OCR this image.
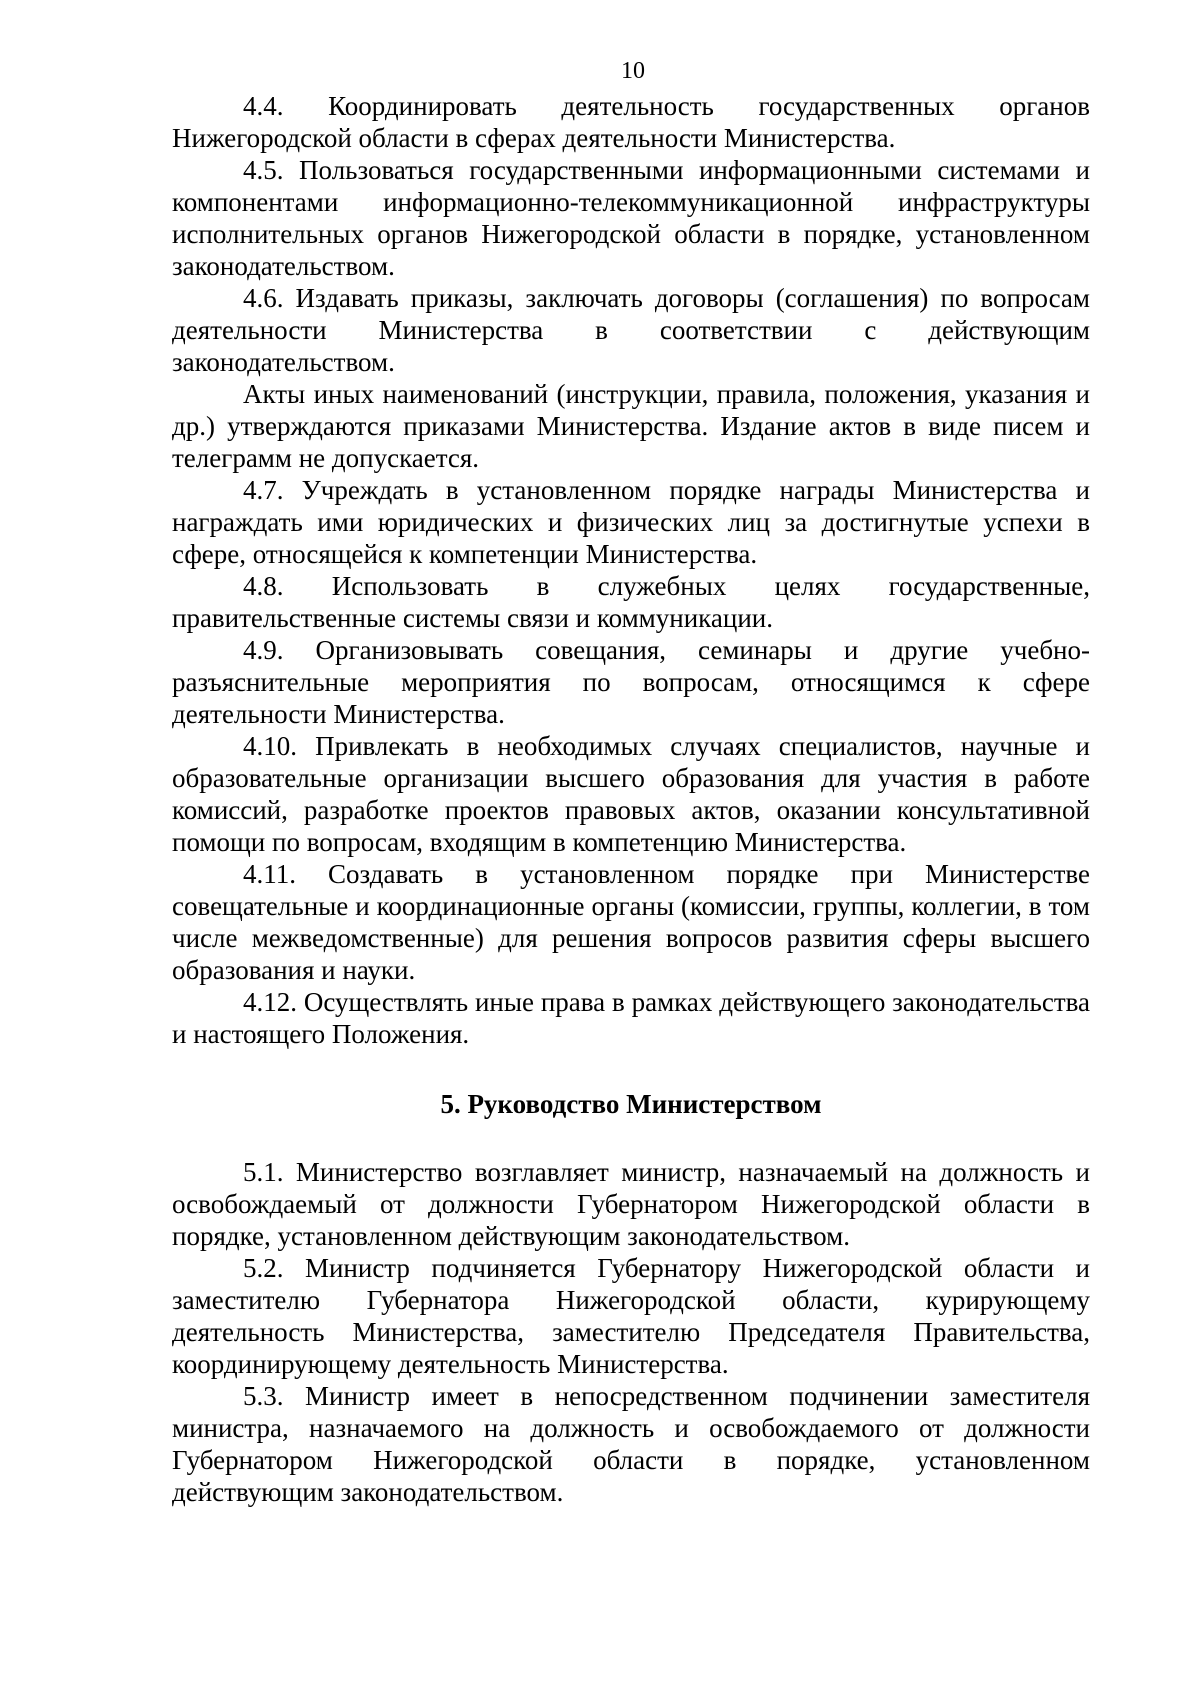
10

4.4. Координировать деятельность государственных органов Нижегородской области в сферах деятельности Министерства.

4.5. Пользоваться государственными информационными системами и компонентами информационно-телекоммуникационной инфраструктуры исполнительных органов Нижегородской области в порядке, установленном законодательством.

4.6. Издавать приказы, заключать договоры (соглашения) по вопросам деятельности Министерства в соответствии с действующим законодательством.

Акты иных наименований (инструкции, правила, положения, указания и др.) утверждаются приказами Министерства. Издание актов в виде писем и телеграмм не допускается.

4.7. Учреждать в установленном порядке награды Министерства и награждать ими юридических и физических лиц за достигнутые успехи в сфере, относящейся к компетенции Министерства.

4.8. Использовать в служебных целях государственные, правительственные системы связи и коммуникации.

4.9. Организовывать совещания, семинары и другие учебно-разъяснительные мероприятия по вопросам, относящимся к сфере деятельности Министерства.

4.10. Привлекать в необходимых случаях специалистов, научные и образовательные организации высшего образования для участия в работе комиссий, разработке проектов правовых актов, оказании консультативной помощи по вопросам, входящим в компетенцию Министерства.

4.11. Создавать в установленном порядке при Министерстве совещательные и координационные органы (комиссии, группы, коллегии, в том числе межведомственные) для решения вопросов развития сферы высшего образования и науки.

4.12. Осуществлять иные права в рамках действующего законодательства и настоящего Положения.

5. Руководство Министерством

5.1. Министерство возглавляет министр, назначаемый на должность и освобождаемый от должности Губернатором Нижегородской области в порядке, установленном действующим законодательством.

5.2. Министр подчиняется Губернатору Нижегородской области и заместителю Губернатора Нижегородской области, курирующему деятельность Министерства, заместителю Председателя Правительства, координирующему деятельность Министерства.

5.3. Министр имеет в непосредственном подчинении заместителя министра, назначаемого на должность и освобождаемого от должности Губернатором Нижегородской области в порядке, установленном действующим законодательством.
